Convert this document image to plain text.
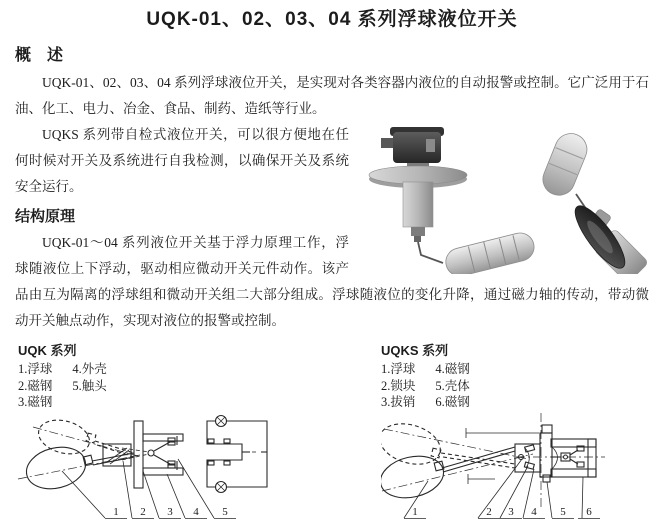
UQK-01、02、03、04 系列浮球液位开关
概　述

UQK-01、02、03、04 系列浮球液位开关，是实现对各类容器内液位的自动报警或控制。它广泛用于石油、化工、电力、冶金、食品、制药、造纸等行业。

UQKS 系列带自检式液位开关，可以很方便地在任何时候对开关及系统进行自我检测，以确保开关及系统安全运行。

结构原理

UQK-01～04 系列液位开关基于浮力原理工作，浮球随液位上下浮动，驱动相应微动开关元件动作。该产品由互为隔离的浮球组和微动开关组二大部分组成。浮球随液位的变化升降，通过磁力轴的传动，带动微动开关触点动作，实现对液位的报警或控制。

UQK 系列
1.浮球
2.磁钢
3.磁钢
4.外壳
5.触头
UQKS 系列
1.浮球
2.锁块
3.拔销
4.磁钢
5.壳体
6.磁钢
1 2 3 4 5	1	2 3 4 5 6
